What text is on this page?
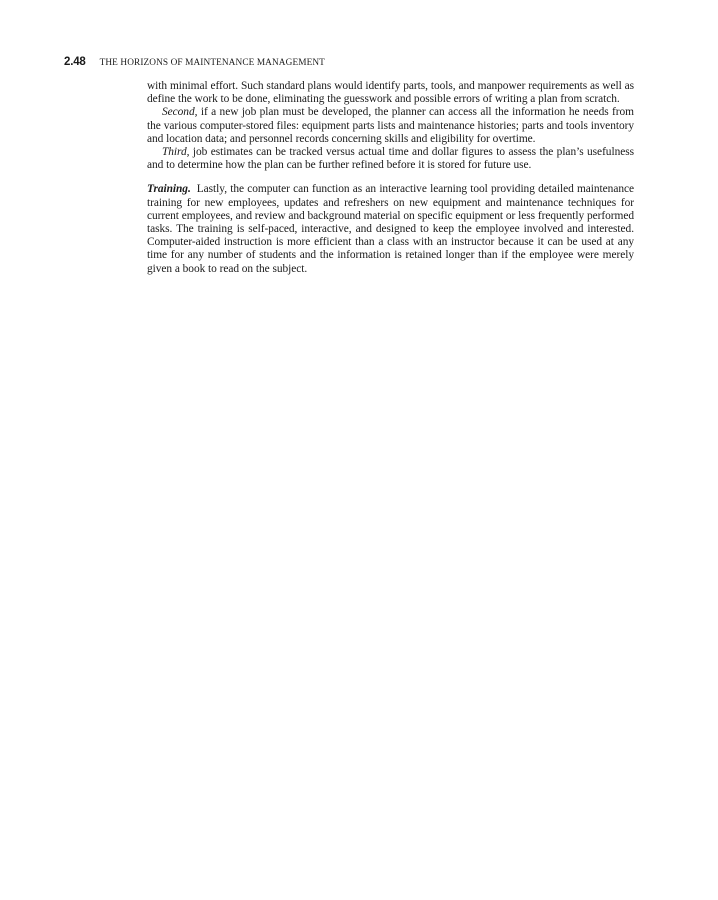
2.48 THE HORIZONS OF MAINTENANCE MANAGEMENT

with minimal effort. Such standard plans would identify parts, tools, and manpower requirements as well as define the work to be done, eliminating the guesswork and possible errors of writing a plan from scratch.

Second, if a new job plan must be developed, the planner can access all the information he needs from the various computer-stored files: equipment parts lists and maintenance histories; parts and tools inventory and location data; and personnel records concerning skills and eligibility for overtime.

Third, job estimates can be tracked versus actual time and dollar figures to assess the plan’s usefulness and to determine how the plan can be further refined before it is stored for future use.

Training. Lastly, the computer can function as an interactive learning tool providing detailed maintenance training for new employees, updates and refreshers on new equipment and maintenance techniques for current employees, and review and background material on specific equipment or less frequently performed tasks. The training is self-paced, interactive, and designed to keep the employee involved and interested. Computer-aided instruction is more efficient than a class with an instructor because it can be used at any time for any number of students and the information is retained longer than if the employee were merely given a book to read on the subject.
